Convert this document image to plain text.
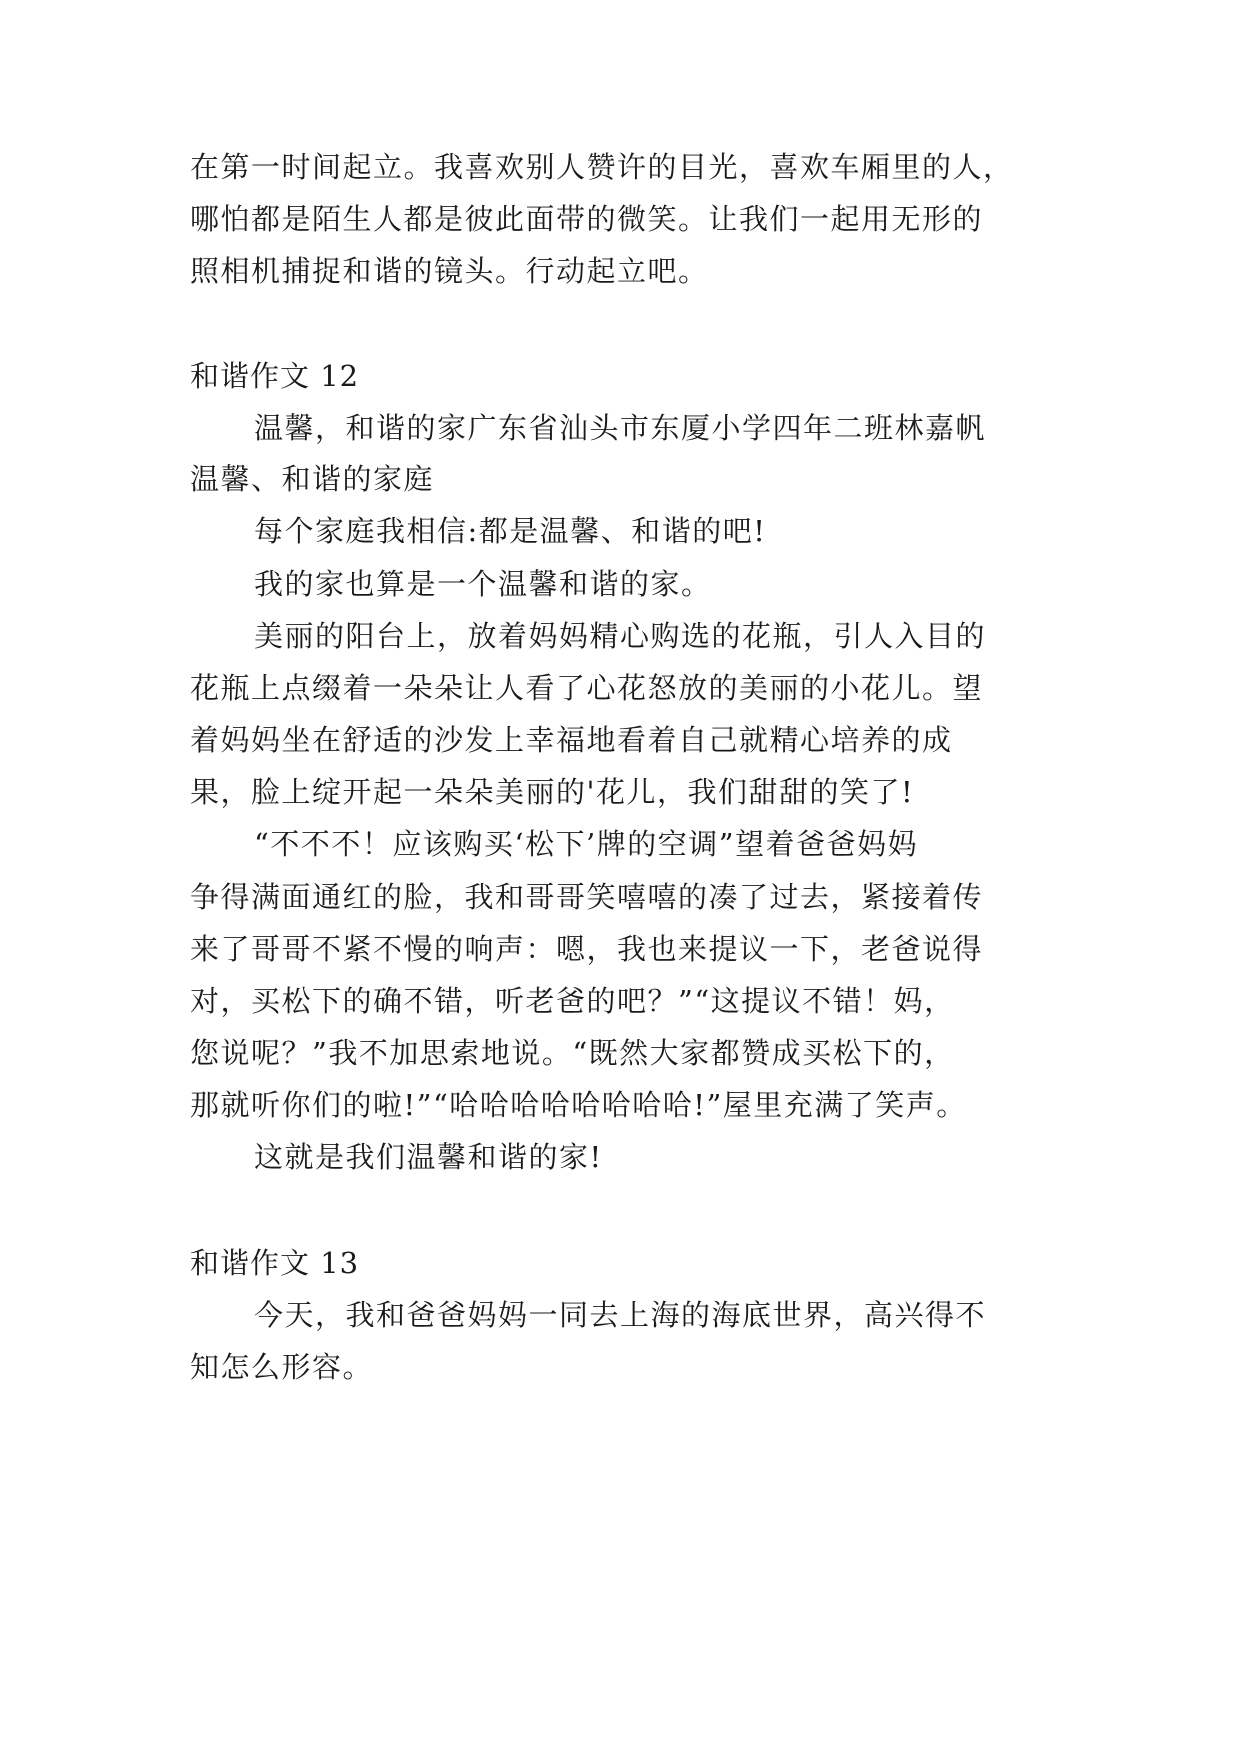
在第一时间起立。我喜欢别人赞许的目光，喜欢车厢里的人，
哪怕都是陌生人都是彼此面带的微笑。让我们一起用无形的
照相机捕捉和谐的镜头。行动起立吧。
和谐作文 12
温馨，和谐的家广东省汕头市东厦小学四年二班林嘉帆
温馨、和谐的家庭
每个家庭我相信:都是温馨、和谐的吧!
我的家也算是一个温馨和谐的家。
美丽的阳台上，放着妈妈精心购选的花瓶，引人入目的
花瓶上点缀着一朵朵让人看了心花怒放的美丽的小花儿。望
着妈妈坐在舒适的沙发上幸福地看着自己就精心培养的成
果，脸上绽开起一朵朵美丽的'花儿，我们甜甜的笑了!
“不不不！应该购买‘松下’牌的空调”望着爸爸妈妈
争得满面通红的脸，我和哥哥笑嘻嘻的凑了过去，紧接着传
来了哥哥不紧不慢的响声：嗯，我也来提议一下，老爸说得
对，买松下的确不错，听老爸的吧？”“这提议不错！妈，
您说呢？”我不加思索地说。“既然大家都赞成买松下的，
那就听你们的啦!”“哈哈哈哈哈哈哈哈!”屋里充满了笑声。
这就是我们温馨和谐的家!
和谐作文 13
今天，我和爸爸妈妈一同去上海的海底世界，高兴得不
知怎么形容。
